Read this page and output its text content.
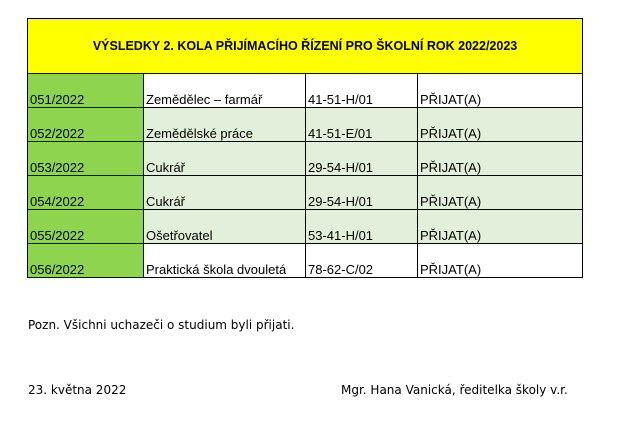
VÝSLEDKY 2. KOLA PŘIJÍMACÍHO ŘÍZENÍ PRO ŠKOLNÍ ROK 2022/2023			
051/2022	Zemědělec – farmář	41-51-H/01	PŘIJAT(A)
052/2022	Zemědělské práce	41-51-E/01	PŘIJAT(A)
053/2022	Cukrář	29-54-H/01	PŘIJAT(A)
054/2022	Cukrář	29-54-H/01	PŘIJAT(A)
055/2022	Ošetřovatel	53-41-H/01	PŘIJAT(A)
056/2022	Praktická škola dvouletá	78-62-C/02	PŘIJAT(A)
Pozn. Všichni uchazeči o studium byli přijati.
23. května 2022	Mgr. Hana Vanická, ředitelka školy v.r.
